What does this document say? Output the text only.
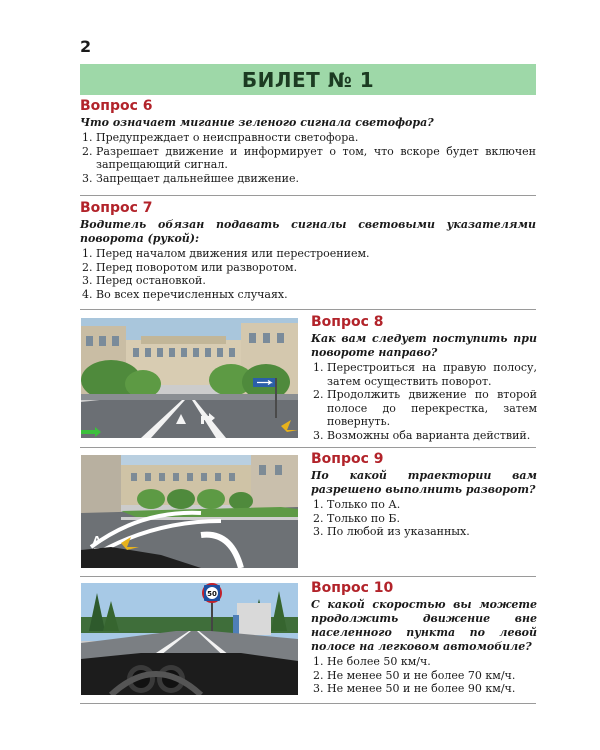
2
БИЛЕТ № 1

Вопрос 6

Что означает мигание зеленого сигнала светофора?

1. Предупреждает о неисправности светофора.
2. Разрешает движение и информирует о том, что вскоре будет включен запрещающий сигнал.
3. Запрещает дальнейшее движение.

Вопрос 7

Водитель обязан подавать сигналы световыми указателями поворота (рукой):

1. Перед началом движения или перестроением.
2. Перед поворотом или разворотом.
3. Перед остановкой.
4. Во всех перечисленных случаях.

Вопрос 8

Как вам следует поступить при повороте направо?

1. Перестроиться на правую полосу, затем осуществить поворот.
2. Продолжить движение по второй полосе до перекрестка, затем повернуть.
3. Возможны оба варианта действий.
А

Вопрос 9

По какой траектории вам разрешено выполнить разворот?

1. Только по А.
2. Только по Б.
3. По любой из указанных.
50	Вопрос 10

С какой скоростью вы можете продолжить движение вне населенного пункта по левой полосе на легковом автомобиле?

1. Не более 50 км/ч.
2. Не менее 50 и не более 70 км/ч.
3. Не менее 50 и не более 90 км/ч.
